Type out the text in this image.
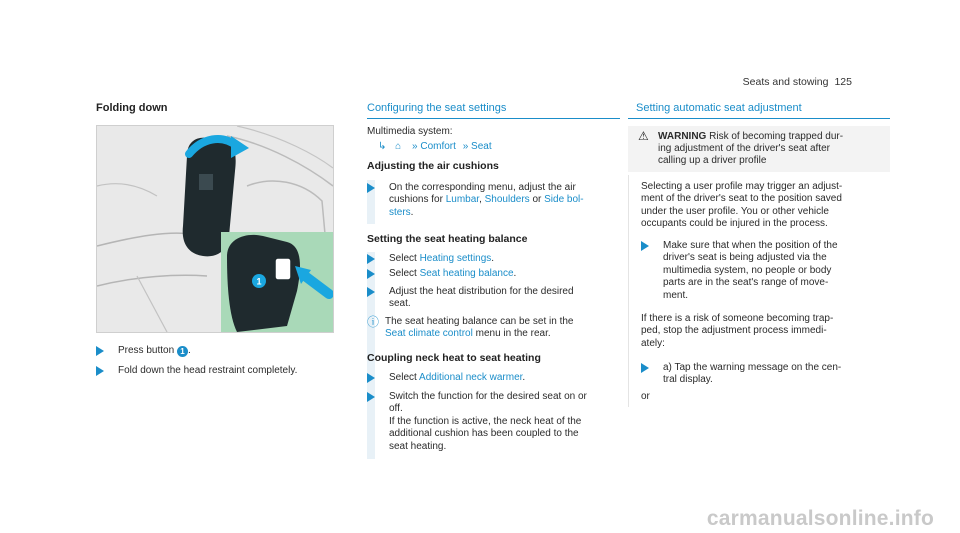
Seats and stowing 125
Folding down
1
Press button 1 .
Fold down the head restraint completely.
Configuring the seat settings
Multimedia system:
↳ ⌂ » Comfort » Seat
Adjusting the air cushions
On the corresponding menu, adjust the air
cushions for Lumbar, Shoulders or Side bol-
sters.
Setting the seat heating balance
Select Heating settings.
Select Seat heating balance.
Adjust the heat distribution for the desired
seat.
ⓘ The seat heating balance can be set in the
Seat climate control menu in the rear.
Coupling neck heat to seat heating
Select Additional neck warmer.
Switch the function for the desired seat on or
off.
If the function is active, the neck heat of the
additional cushion has been coupled to the
seat heating.
Setting automatic seat adjustment
⚠ WARNING Risk of becoming trapped dur-
ing adjustment of the driver's seat after
calling up a driver profile
Selecting a user profile may trigger an adjust-
ment of the driver's seat to the position saved
under the user profile. You or other vehicle
occupants could be injured in the process.
Make sure that when the position of the
driver's seat is being adjusted via the
multimedia system, no people or body
parts are in the seat's range of move-
ment.
If there is a risk of someone becoming trap-
ped, stop the adjustment process immedi-
ately:
a) Tap the warning message on the cen-
tral display.
or
carmanualsonline.info
